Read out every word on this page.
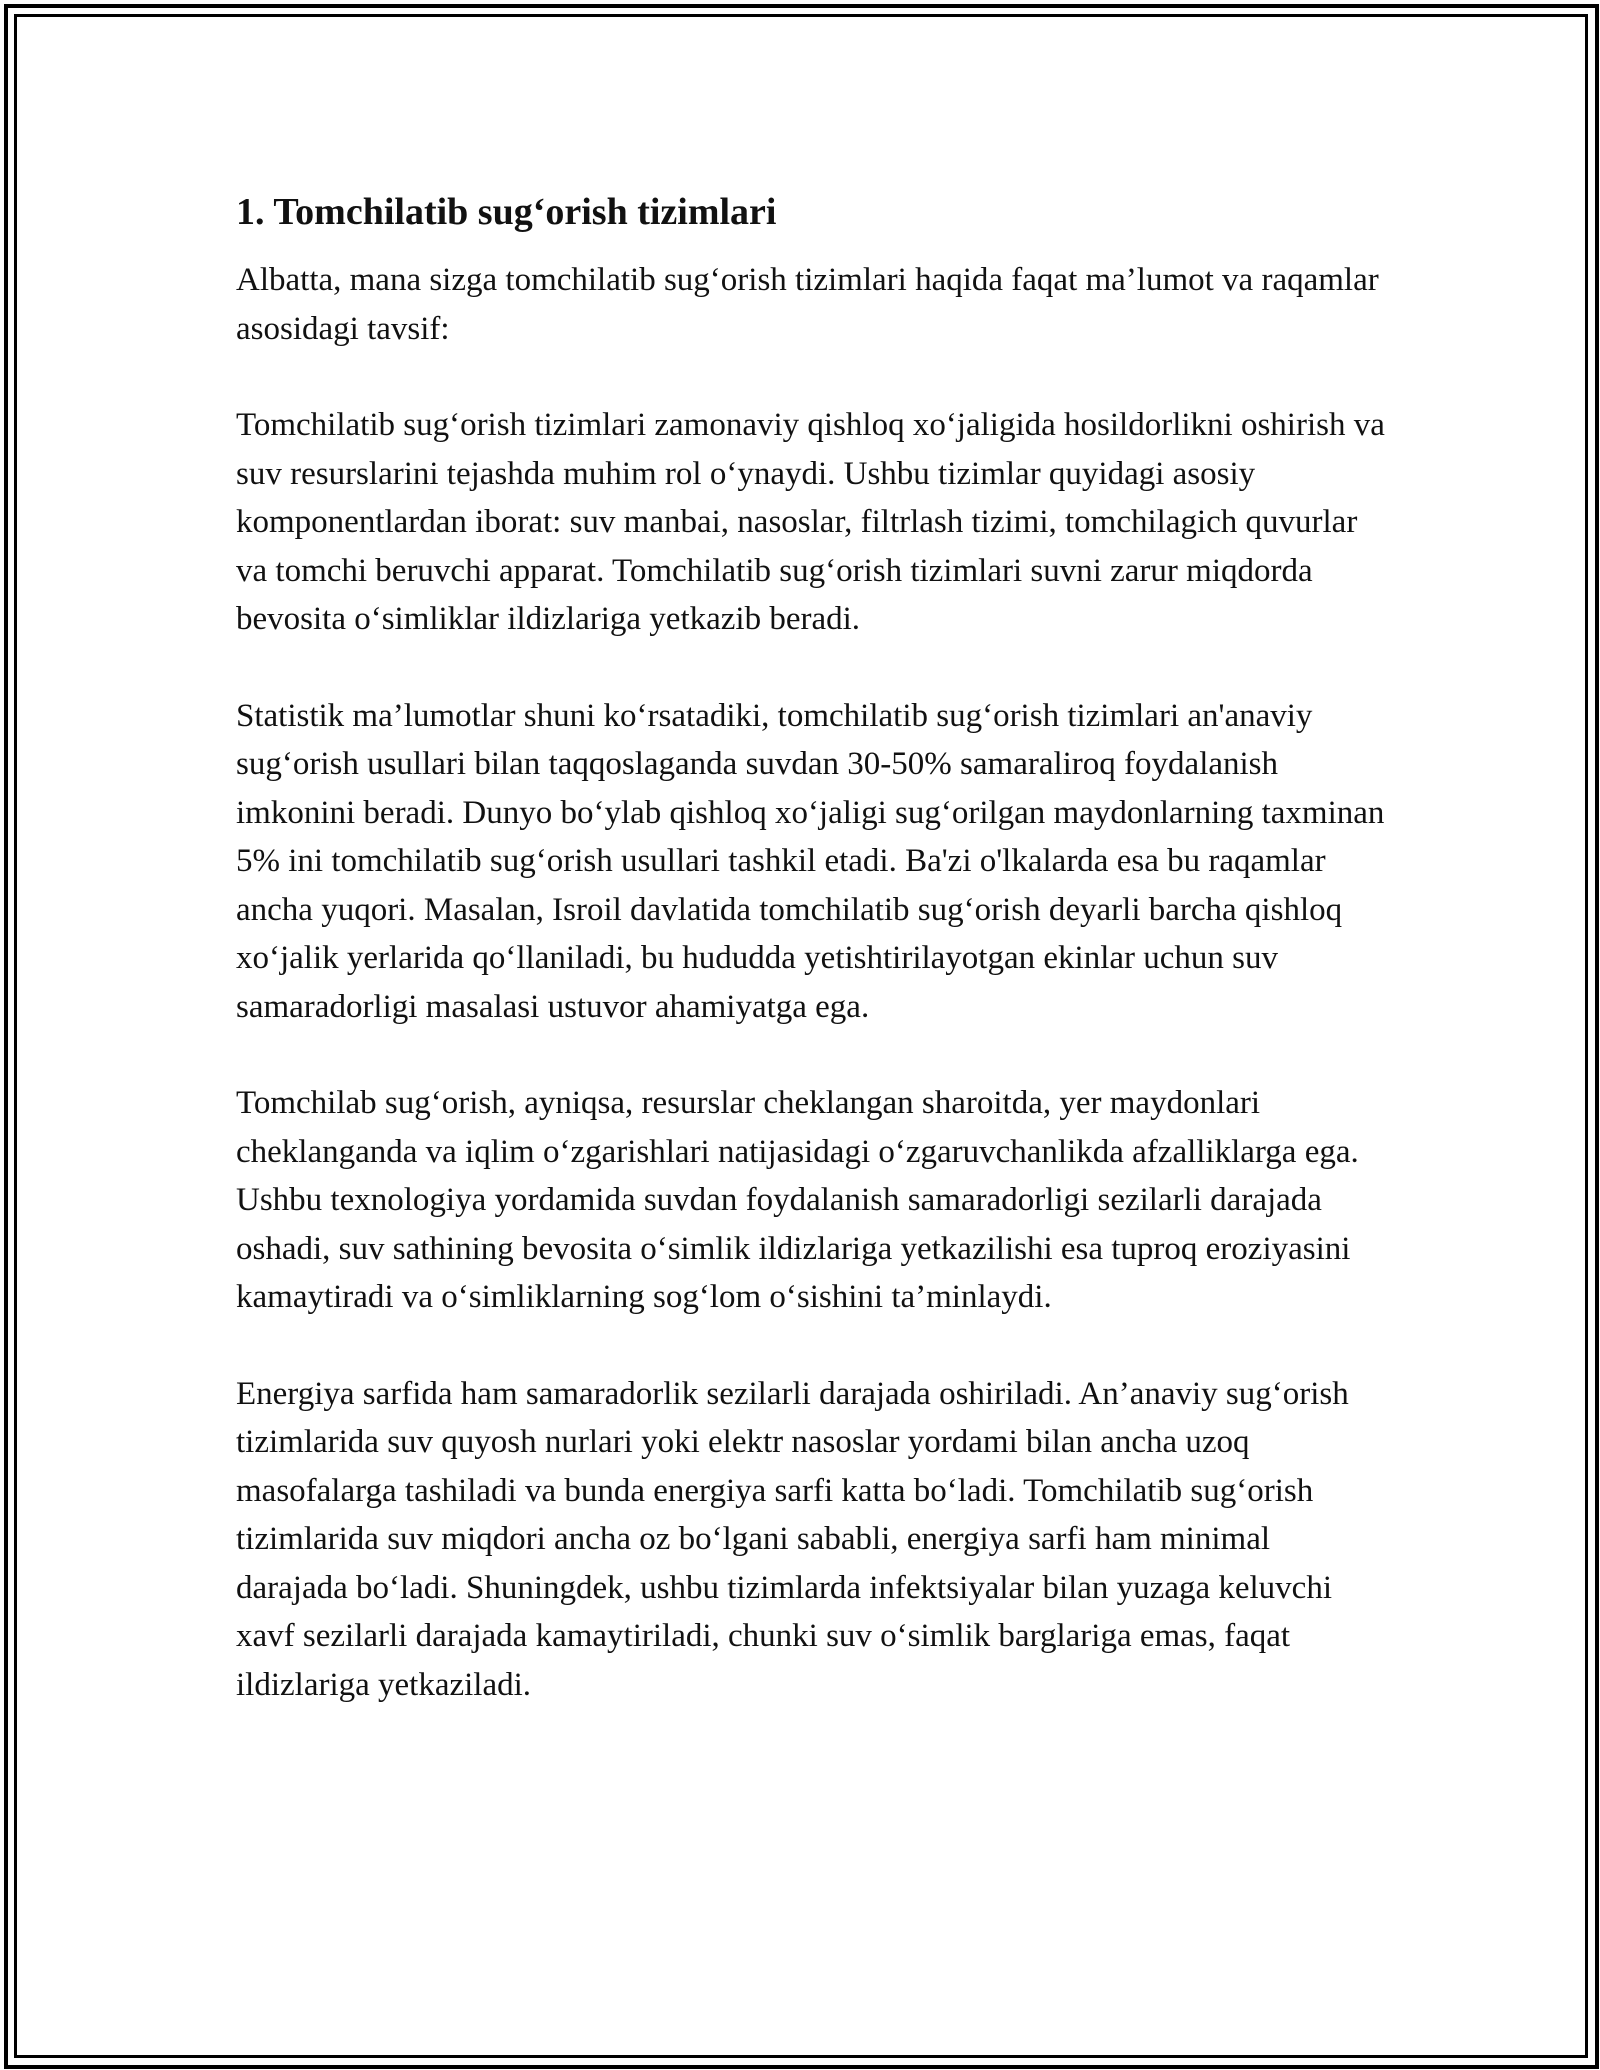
1. Tomchilatib sug‘orish tizimlari

Albatta, mana sizga tomchilatib sug‘orish tizimlari haqida faqat ma’lumot va raqamlar asosidagi tavsif:

Tomchilatib sug‘orish tizimlari zamonaviy qishloq xo‘jaligida hosildorlikni oshirish va suv resurslarini tejashda muhim rol o‘ynaydi. Ushbu tizimlar quyidagi asosiy komponentlardan iborat: suv manbai, nasoslar, filtrlash tizimi, tomchilagich quvurlar va tomchi beruvchi apparat. Tomchilatib sug‘orish tizimlari suvni zarur miqdorda bevosita o‘simliklar ildizlariga yetkazib beradi.

Statistik ma’lumotlar shuni ko‘rsatadiki, tomchilatib sug‘orish tizimlari an'anaviy sug‘orish usullari bilan taqqoslaganda suvdan 30-50% samaraliroq foydalanish imkonini beradi. Dunyo bo‘ylab qishloq xo‘jaligi sug‘orilgan maydonlarning taxminan 5% ini tomchilatib sug‘orish usullari tashkil etadi. Ba'zi o'lkalarda esa bu raqamlar ancha yuqori. Masalan, Isroil davlatida tomchilatib sug‘orish deyarli barcha qishloq xo‘jalik yerlarida qo‘llaniladi, bu hududda yetishtirilayotgan ekinlar uchun suv samaradorligi masalasi ustuvor ahamiyatga ega.

Tomchilab sug‘orish, ayniqsa, resurslar cheklangan sharoitda, yer maydonlari cheklanganda va iqlim o‘zgarishlari natijasidagi o‘zgaruvchanlikda afzalliklarga ega. Ushbu texnologiya yordamida suvdan foydalanish samaradorligi sezilarli darajada oshadi, suv sathining bevosita o‘simlik ildizlariga yetkazilishi esa tuproq eroziyasini kamaytiradi va o‘simliklarning sog‘lom o‘sishini ta’minlaydi.

Energiya sarfida ham samaradorlik sezilarli darajada oshiriladi. An’anaviy sug‘orish tizimlarida suv quyosh nurlari yoki elektr nasoslar yordami bilan ancha uzoq masofalarga tashiladi va bunda energiya sarfi katta bo‘ladi. Tomchilatib sug‘orish tizimlarida suv miqdori ancha oz bo‘lgani sababli, energiya sarfi ham minimal darajada bo‘ladi. Shuningdek, ushbu tizimlarda infektsiyalar bilan yuzaga keluvchi xavf sezilarli darajada kamaytiriladi, chunki suv o‘simlik barglariga emas, faqat ildizlariga yetkaziladi.
